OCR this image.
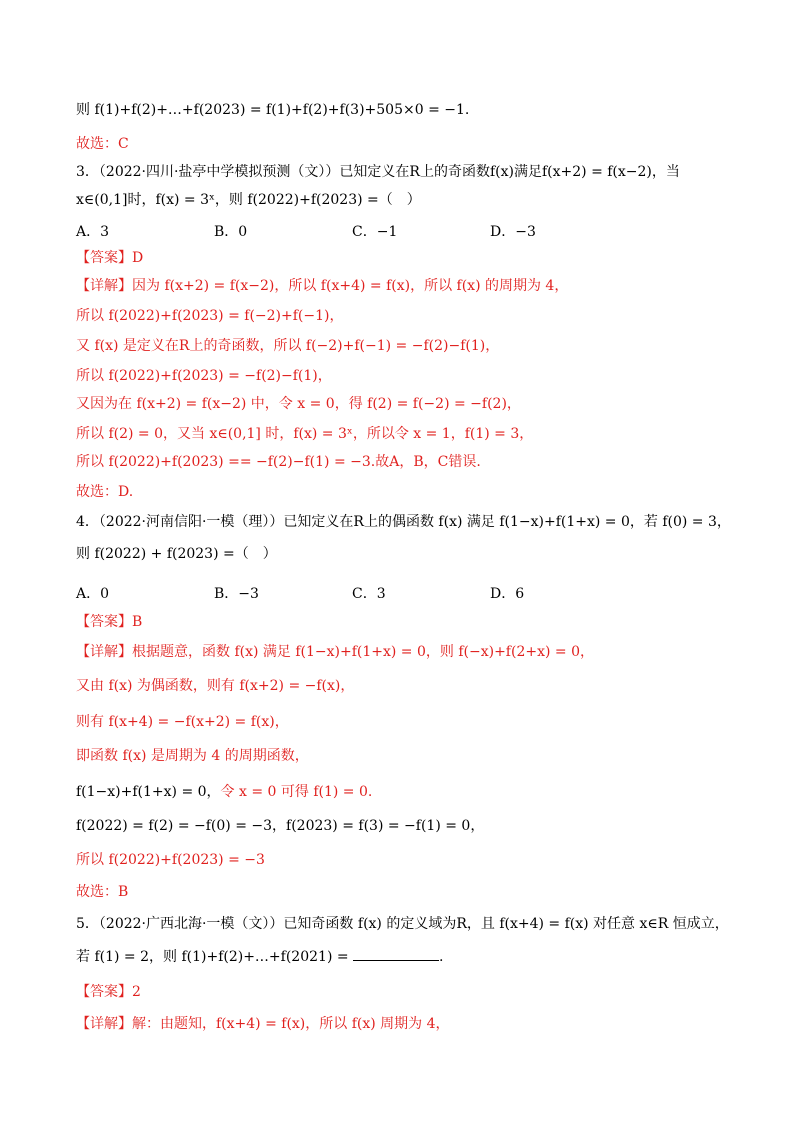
则 f(1)+f(2)+…+f(2023) = f(1)+f(2)+f(3)+505×0 = −1.
故选：C
3．（2022·四川·盐亭中学模拟预测（文））已知定义在R上的奇函数f(x)满足f(x+2) = f(x−2)，当
x∈(0,1]时，f(x) = 3ˣ，则 f(2022)+f(2023) =（　）
A．3	B．0	C．−1	D．−3
【答案】D
【详解】因为 f(x+2) = f(x−2)，所以 f(x+4) = f(x)，所以 f(x) 的周期为 4，
所以 f(2022)+f(2023) = f(−2)+f(−1)，
又 f(x) 是定义在R上的奇函数，所以 f(−2)+f(−1) = −f(2)−f(1)，
所以 f(2022)+f(2023) = −f(2)−f(1)，
又因为在 f(x+2) = f(x−2) 中，令 x = 0，得 f(2) = f(−2) = −f(2)，
所以 f(2) = 0，又当 x∈(0,1] 时，f(x) = 3ˣ，所以令 x = 1，f(1) = 3，
所以 f(2022)+f(2023) == −f(2)−f(1) = −3.故A，B，C错误.
故选：D.
4．（2022·河南信阳·一模（理））已知定义在R上的偶函数 f(x) 满足 f(1−x)+f(1+x) = 0，若 f(0) = 3，
则 f(2022) + f(2023) =（　）
A．0	B．−3	C．3	D．6
【答案】B
【详解】根据题意，函数 f(x) 满足 f(1−x)+f(1+x) = 0，则 f(−x)+f(2+x) = 0，
又由 f(x) 为偶函数，则有 f(x+2) = −f(x)，
则有 f(x+4) = −f(x+2) = f(x)，
即函数 f(x) 是周期为 4 的周期函数，
f(1−x)+f(1+x) = 0，令 x = 0 可得 f(1) = 0.
f(2022) = f(2) = −f(0) = −3，f(2023) = f(3) = −f(1) = 0，
所以 f(2022)+f(2023) = −3
故选：B
5．（2022·广西北海·一模（文））已知奇函数 f(x) 的定义域为R，且 f(x+4) = f(x) 对任意 x∈R 恒成立，
若 f(1) = 2，则 f(1)+f(2)+…+f(2021) =	.
【答案】2
【详解】解：由题知，f(x+4) = f(x)，所以 f(x) 周期为 4，
